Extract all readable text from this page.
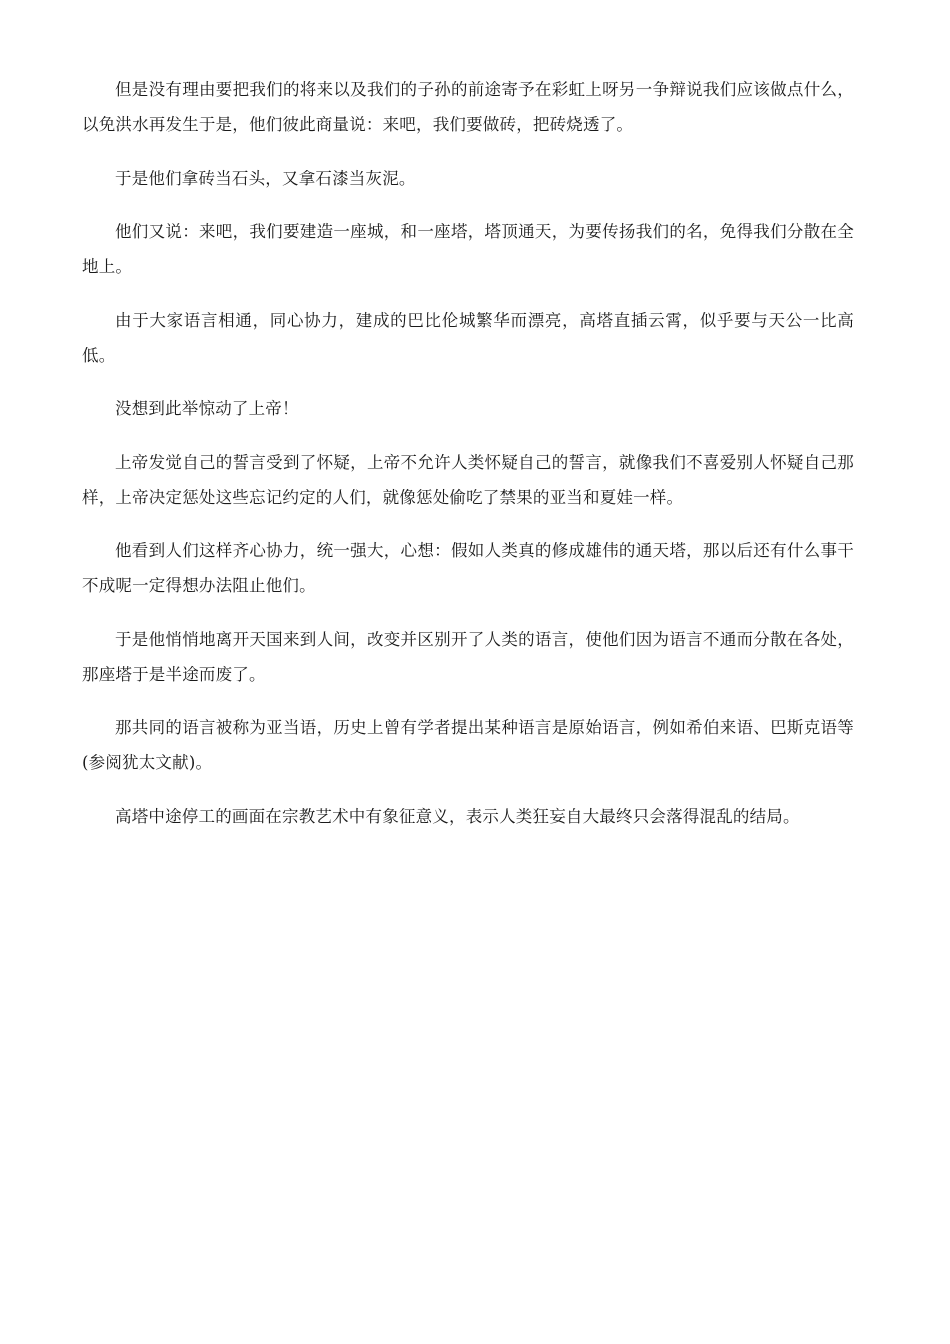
但是没有理由要把我们的将来以及我们的子孙的前途寄予在彩虹上呀另一争辩说我们应该做点什么，以免洪水再发生于是，他们彼此商量说：来吧，我们要做砖，把砖烧透了。

于是他们拿砖当石头，又拿石漆当灰泥。

他们又说：来吧，我们要建造一座城，和一座塔，塔顶通天，为要传扬我们的名，免得我们分散在全地上。

由于大家语言相通，同心协力，建成的巴比伦城繁华而漂亮，高塔直插云霄，似乎要与天公一比高低。

没想到此举惊动了上帝！

上帝发觉自己的誓言受到了怀疑，上帝不允许人类怀疑自己的誓言，就像我们不喜爱别人怀疑自己那样，上帝决定惩处这些忘记约定的人们，就像惩处偷吃了禁果的亚当和夏娃一样。

他看到人们这样齐心协力，统一强大，心想：假如人类真的修成雄伟的通天塔，那以后还有什么事干不成呢一定得想办法阻止他们。

于是他悄悄地离开天国来到人间，改变并区别开了人类的语言，使他们因为语言不通而分散在各处，那座塔于是半途而废了。

那共同的语言被称为亚当语，历史上曾有学者提出某种语言是原始语言，例如希伯来语、巴斯克语等(参阅犹太文献)。

高塔中途停工的画面在宗教艺术中有象征意义，表示人类狂妄自大最终只会落得混乱的结局。
